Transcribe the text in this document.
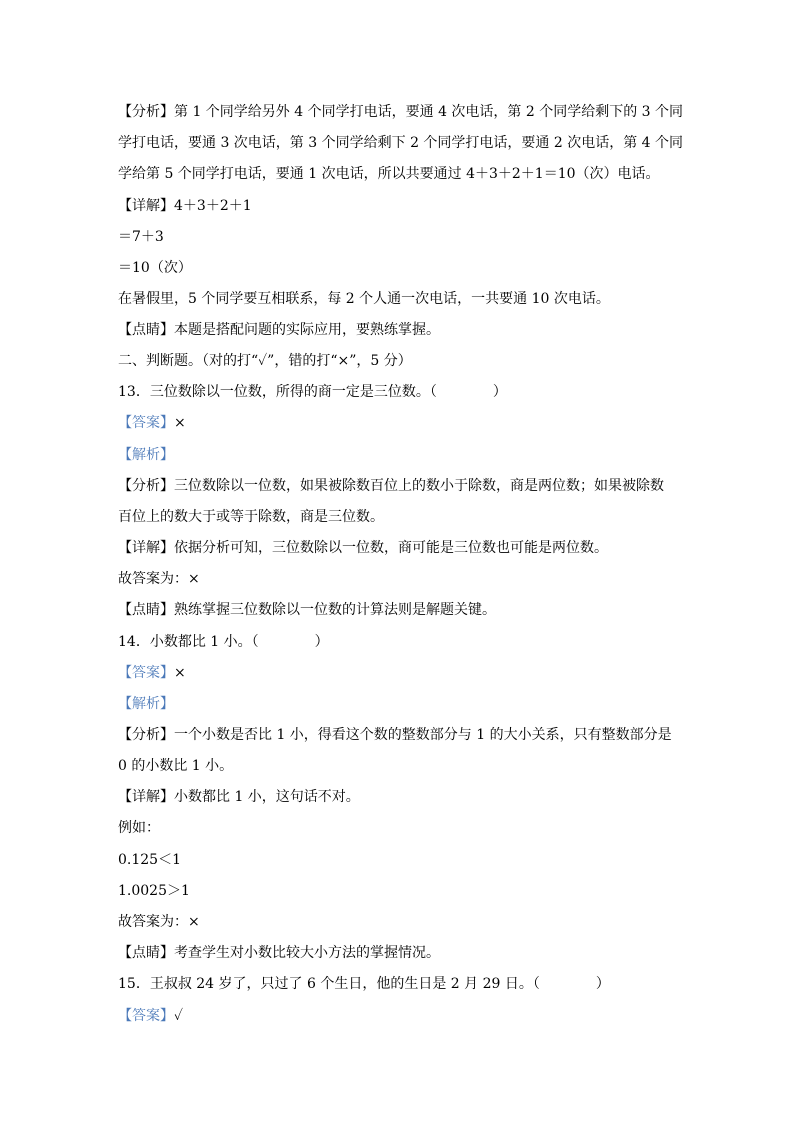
【分析】第 1 个同学给另外 4 个同学打电话，要通 4 次电话，第 2 个同学给剩下的 3 个同
学打电话，要通 3 次电话，第 3 个同学给剩下 2 个同学打电话，要通 2 次电话，第 4 个同
学给第 5 个同学打电话，要通 1 次电话，所以共要通过 4＋3＋2＋1＝10（次）电话。
【详解】4＋3＋2＋1
＝7＋3
＝10（次）
在暑假里，5 个同学要互相联系，每 2 个人通一次电话，一共要通 10 次电话。
【点睛】本题是搭配问题的实际应用，要熟练掌握。
二、判断题。（对的打“✓”，错的打“×”，5 分）
13．三位数除以一位数，所得的商一定是三位数。（　　　　）
【答案】×
【解析】
【分析】三位数除以一位数，如果被除数百位上的数小于除数，商是两位数；如果被除数
百位上的数大于或等于除数，商是三位数。
【详解】依据分析可知，三位数除以一位数，商可能是三位数也可能是两位数。
故答案为：×
【点睛】熟练掌握三位数除以一位数的计算法则是解题关键。
14．小数都比 1 小。（　　　　）
【答案】×
【解析】
【分析】一个小数是否比 1 小，得看这个数的整数部分与 1 的大小关系，只有整数部分是
0 的小数比 1 小。
【详解】小数都比 1 小，这句话不对。
例如：
0.125＜1
1.0025＞1
故答案为：×
【点睛】考查学生对小数比较大小方法的掌握情况。
15．王叔叔 24 岁了，只过了 6 个生日，他的生日是 2 月 29 日。（　　　　）
【答案】✓
